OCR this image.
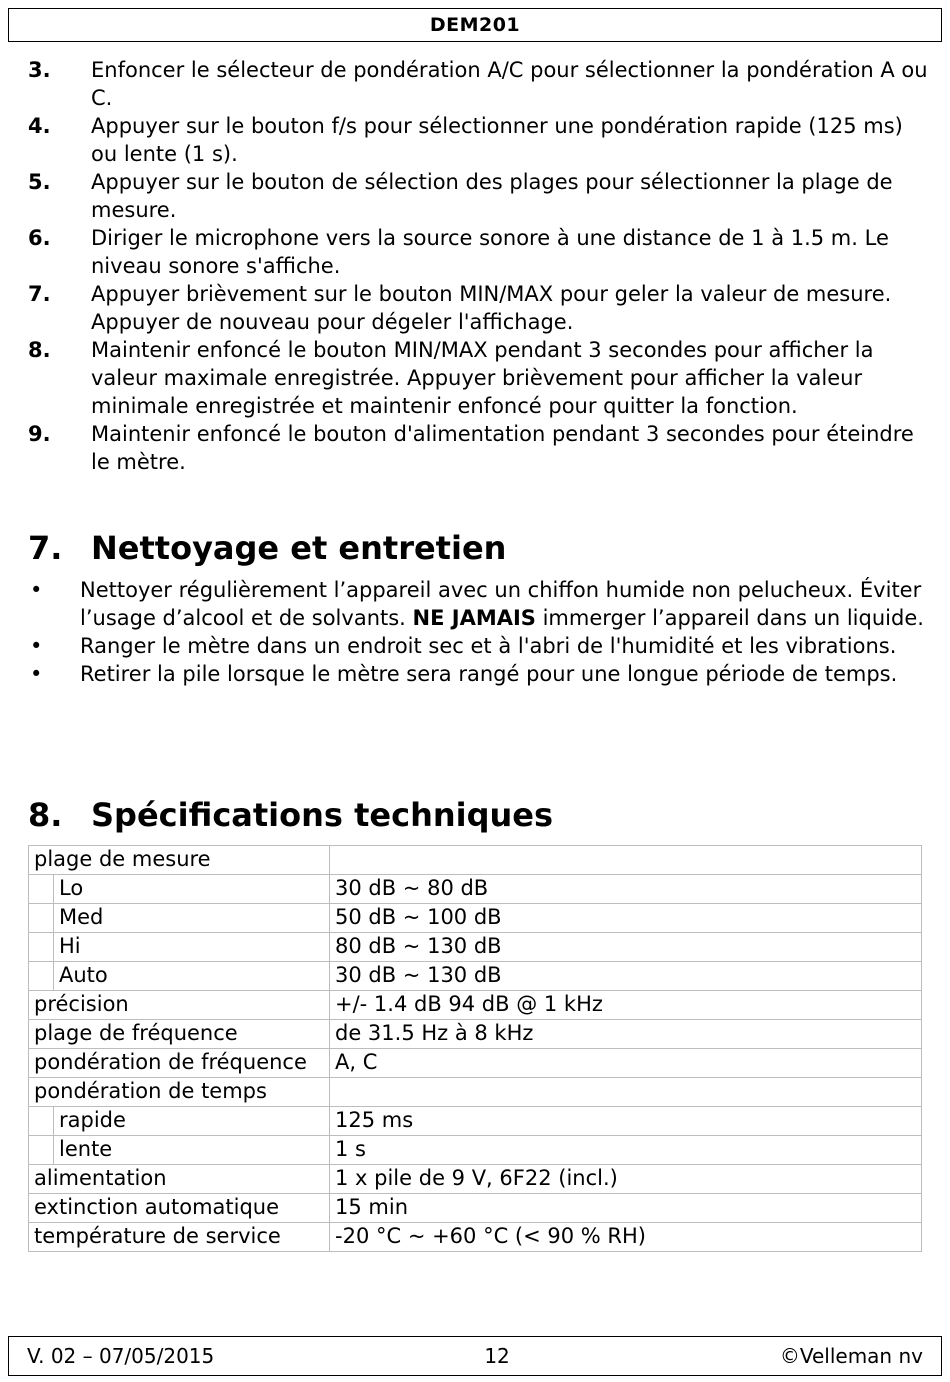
DEM201
3.	Enfoncer le sélecteur de pondération A/C pour sélectionner la pondération A ou C.
4.	Appuyer sur le bouton f/s pour sélectionner une pondération rapide (125 ms) ou lente (1 s).
5.	Appuyer sur le bouton de sélection des plages pour sélectionner la plage de mesure.
6.	Diriger le microphone vers la source sonore à une distance de 1 à 1.5 m. Le niveau sonore s'affiche.
7.	Appuyer brièvement sur le bouton MIN/MAX pour geler la valeur de mesure. Appuyer de nouveau pour dégeler l'affichage.
8.	Maintenir enfoncé le bouton MIN/MAX pendant 3 secondes pour afficher la valeur maximale enregistrée. Appuyer brièvement pour afficher la valeur minimale enregistrée et maintenir enfoncé pour quitter la fonction.
9.	Maintenir enfoncé le bouton d'alimentation pendant 3 secondes pour éteindre le mètre.
7. Nettoyage et entretien
•	Nettoyer régulièrement l’appareil avec un chiffon humide non pelucheux. Éviter l’usage d’alcool et de solvants. NE JAMAIS immerger l’appareil dans un liquide.
•	Ranger le mètre dans un endroit sec et à l'abri de l'humidité et les vibrations.
•	Retirer la pile lorsque le mètre sera rangé pour une longue période de temps.
8. Spécifications techniques
plage de mesure		
	Lo	30 dB ~ 80 dB
	Med	50 dB ~ 100 dB
	Hi	80 dB ~ 130 dB
	Auto	30 dB ~ 130 dB
précision		+/- 1.4 dB 94 dB @ 1 kHz
plage de fréquence		de 31.5 Hz à 8 kHz
pondération de fréquence		A, C
pondération de temps		
	rapide	125 ms
	lente	1 s
alimentation		1 x pile de 9 V, 6F22 (incl.)
extinction automatique		15 min
température de service		-20 °C ~ +60 °C (< 90 % RH)
V. 02 – 07/05/2015	12	©Velleman nv
